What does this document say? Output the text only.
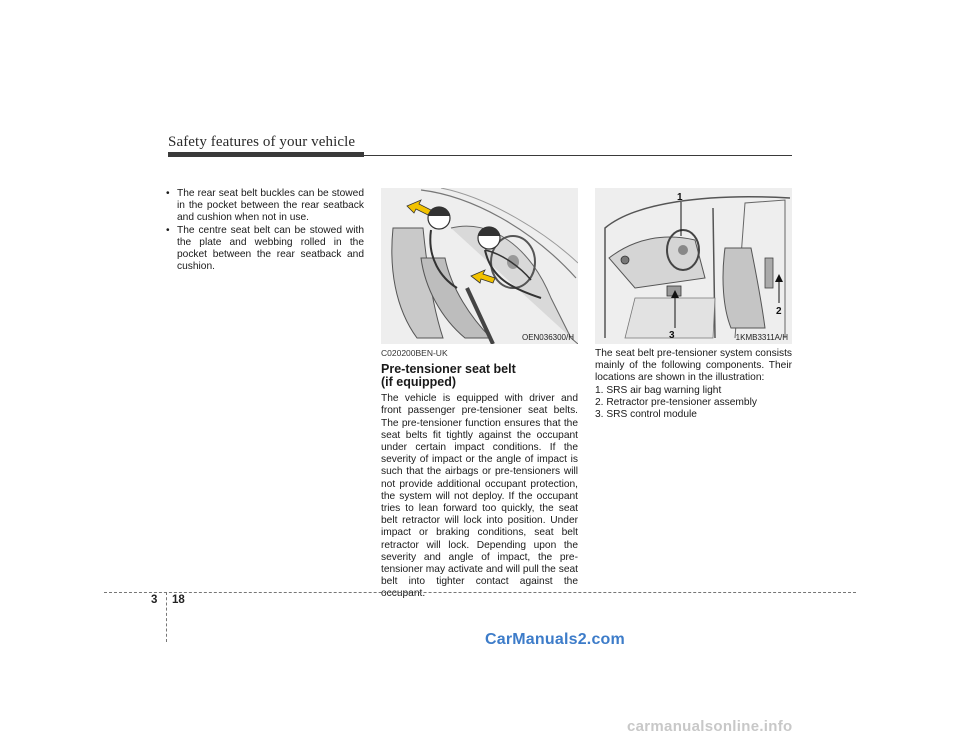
Safety features of your vehicle
• The rear seat belt buckles can be stowed in the pocket between the rear seatback and cushion when not in use.
• The centre seat belt can be stowed with the plate and webbing rolled in the pocket between the rear seatback and cushion.
OEN036300/H
1
2
3	1KMB3311A/H
C020200BEN-UK
Pre-tensioner seat belt
(if equipped)

The vehicle is equipped with driver and front passenger pre-tensioner seat belts. The pre-tensioner function ensures that the seat belts fit tightly against the occupant under certain impact conditions. If the severity of impact or the angle of impact is such that the airbags or pre-tensioners will not provide additional occupant protection, the system will not deploy. If the occupant tries to lean forward too quickly, the seat belt retractor will lock into position. Under impact or braking conditions, seat belt retractor will lock. Depending upon the severity and angle of impact, the pre-tensioner may activate and will pull the seat belt into tighter contact against the occupant.

The seat belt pre-tensioner system consists mainly of the following components. Their locations are shown in the illustration:

1. SRS air bag warning light

2. Retractor pre-tensioner assembly

3. SRS control module

3 18
CarManuals2.com
carmanualsonline.info
